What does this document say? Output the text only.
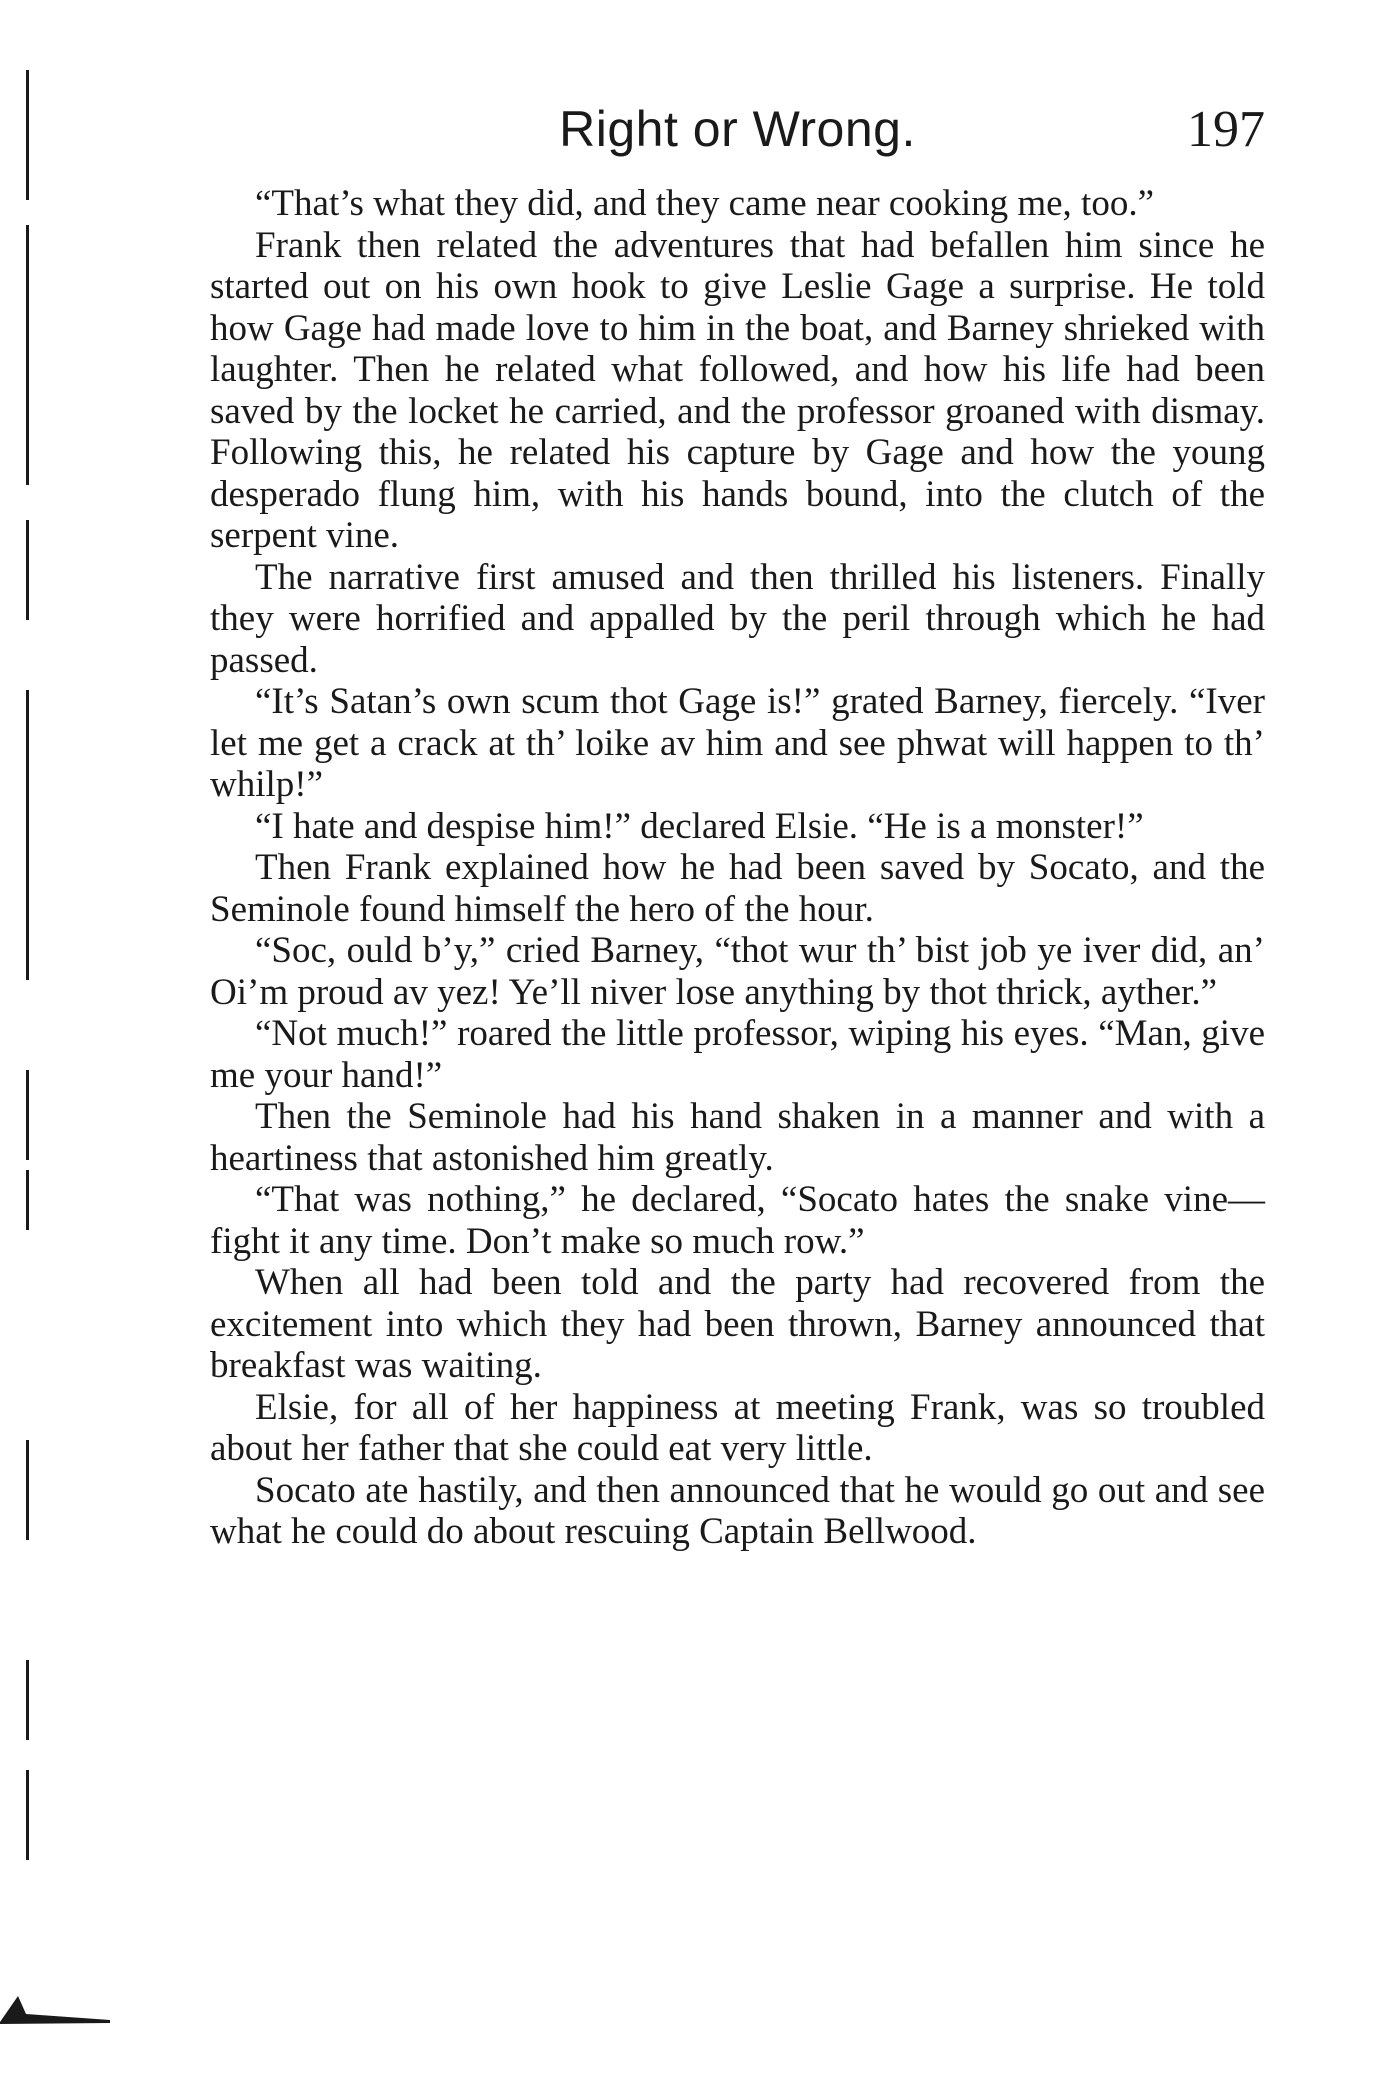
Right or Wrong.	197

“That’s what they did, and they came near cooking me, too.”

Frank then related the adventures that had befallen him since he started out on his own hook to give Leslie Gage a surprise. He told how Gage had made love to him in the boat, and Barney shrieked with laughter. Then he related what followed, and how his life had been saved by the locket he carried, and the professor groaned with dismay. Following this, he related his capture by Gage and how the young desperado flung him, with his hands bound, into the clutch of the serpent vine.

The narrative first amused and then thrilled his listeners. Finally they were horrified and appalled by the peril through which he had passed.

“It’s Satan’s own scum thot Gage is!” grated Barney, fiercely. “Iver let me get a crack at th’ loike av him and see phwat will happen to th’ whilp!”

“I hate and despise him!” declared Elsie. “He is a monster!”

Then Frank explained how he had been saved by Socato, and the Seminole found himself the hero of the hour.

“Soc, ould b’y,” cried Barney, “thot wur th’ bist job ye iver did, an’ Oi’m proud av yez! Ye’ll niver lose anything by thot thrick, ayther.”

“Not much!” roared the little professor, wiping his eyes. “Man, give me your hand!”

Then the Seminole had his hand shaken in a manner and with a heartiness that astonished him greatly.

“That was nothing,” he declared, “Socato hates the snake vine—fight it any time. Don’t make so much row.”

When all had been told and the party had recovered from the excitement into which they had been thrown, Barney announced that breakfast was waiting.

Elsie, for all of her happiness at meeting Frank, was so troubled about her father that she could eat very little.

Socato ate hastily, and then announced that he would go out and see what he could do about rescuing Captain Bellwood.
